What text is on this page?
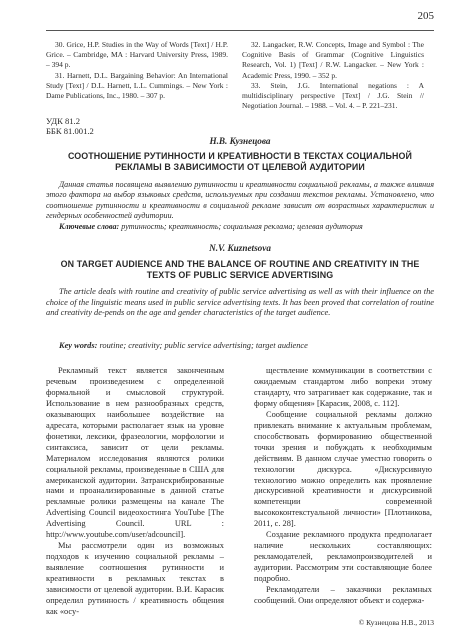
205

30. Grice, H.P. Studies in the Way of Words [Text] / H.P. Grice. – Cambridge, MA : Harvard University Press, 1989. – 394 p.

31. Harnett, D.L. Bargaining Behavior: An International Study [Text] / D.L. Harnett, L.L. Cummings. – New York : Dame Publications, Inc., 1980. – 307 p.

32. Langacker, R.W. Concepts, Image and Symbol : The Cognitive Basis of Grammar (Cognitive Linguistics Research, Vol. 1) [Text] / R.W. Langacker. – New York : Academic Press, 1990. – 352 p.

33. Stein, J.G. International negations : A multidisciplinary perspective [Text] / J.G. Stein // Negotiation Journal. – 1988. – Vol. 4. – P. 221–231.

УДК 81.2
ББК 81.001.2
Н.В. Кузнецова
СООТНОШЕНИЕ РУТИННОСТИ И КРЕАТИВНОСТИ В ТЕКСТАХ СОЦИАЛЬНОЙ РЕКЛАМЫ В ЗАВИСИМОСТИ ОТ ЦЕЛЕВОЙ АУДИТОРИИ

Данная статья посвящена выявлению рутинности и креативности социальной рекламы, а также влияния этого фактора на выбор языковых средств, используемых при создании текстов рекламы. Установлено, что соотношение рутинности и креативности в социальной рекламе зависит от возрастных характеристик и гендерных особенностей аудитории.

Ключевые слова: рутинность; креативность; социальная реклама; целевая аудитория

N.V. Kuznetsova
ON TARGET AUDIENCE AND THE BALANCE OF ROUTINE AND CREATIVITY IN THE TEXTS OF PUBLIC SERVICE ADVERTISING

The article deals with routine and creativity of public service advertising as well as with their influence on the choice of the linguistic means used in public service advertising texts. It has been proved that correlation of routine and creativity de-pends on the age and gender characteristics of the target audience.

Key words: routine; creativity; public service advertising; target audience

Рекламный текст является законченным речевым произведением с определенной формальной и смысловой структурой. Использование в нем разнообразных средств, оказывающих наибольшее воздействие на адресата, которыми располагает язык на уровне фонетики, лексики, фразеологии, морфологии и синтаксиса, зависит от цели рекламы. Материалом исследования являются ролики социальной рекламы, произведенные в США для американской аудитории. Затранскрибированные нами и проанализированные в данной статье рекламные ролики размещены на канале The Advertising Council видеохостинга YouTube [The Advertising Council. URL : http://www.youtube.com/user/adcouncil].

Мы рассмотрели один из возможных подходов к изучению социальной рекламы – выявление соотношения рутинности и креативности в рекламных текстах в зависимости от целевой аудитории. В.И. Карасик определил рутинность / креативность общения как «осу-

ществление коммуникации в соответствии с ожидаемым стандартом либо вопреки этому стандарту, что затрагивает как содержание, так и форму общения» [Карасик, 2008, с. 112].

Сообщение социальной рекламы должно привлекать внимание к актуальным проблемам, способствовать формированию общественной точки зрения и побуждать к необходимым действиям. В данном случае уместно говорить о технологии дискурса. «Дискурсивную технологию можно определить как проявление дискурсивной креативности и дискурсивной компетенции современной высококонтекстуальной личности» [Плотникова, 2011, с. 28].

Создание рекламного продукта предполагает наличие нескольких составляющих: рекламодателей, рекламопроизводителей и аудитории. Рассмотрим эти составляющие более подробно.

Рекламодатели – заказчики рекламных сообщений. Они определяют объект и содержа-

© Кузнецова Н.В., 2013
